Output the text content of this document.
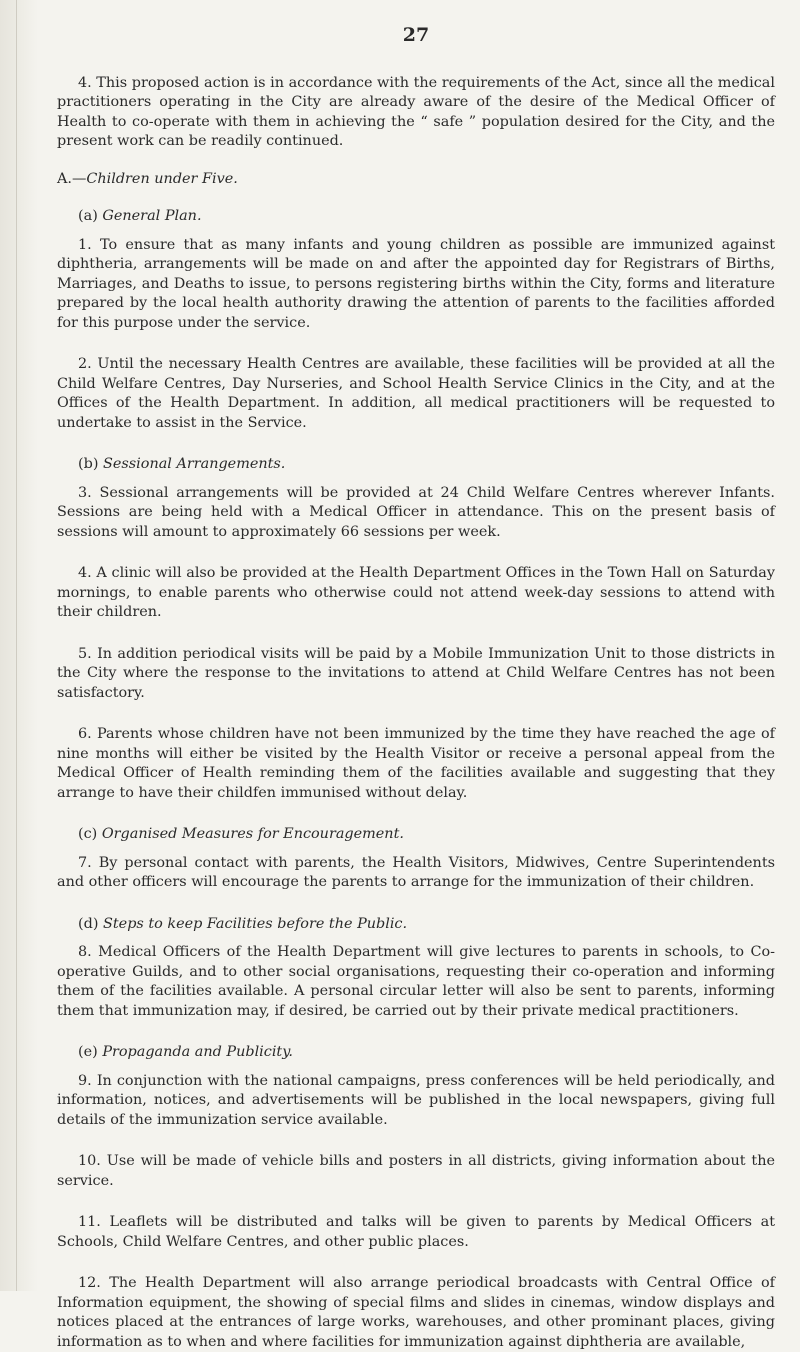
27

4. This proposed action is in accordance with the requirements of the Act, since all the medical practitioners operating in the City are already aware of the desire of the Medical Officer of Health to co-operate with them in achieving the “ safe ” population desired for the City, and the present work can be readily continued.

A.—Children under Five.

(a) General Plan.

1. To ensure that as many infants and young children as possible are immunized against diphtheria, arrangements will be made on and after the appointed day for Registrars of Births, Marriages, and Deaths to issue, to persons registering births within the City, forms and literature prepared by the local health authority drawing the attention of parents to the facilities afforded for this purpose under the service.

2. Until the necessary Health Centres are available, these facilities will be provided at all the Child Welfare Centres, Day Nurseries, and School Health Service Clinics in the City, and at the Offices of the Health Department. In addition, all medical practitioners will be requested to undertake to assist in the Service.

(b) Sessional Arrangements.

3. Sessional arrangements will be provided at 24 Child Welfare Centres wherever Infants. Sessions are being held with a Medical Officer in attendance. This on the present basis of sessions will amount to approximately 66 sessions per week.

4. A clinic will also be provided at the Health Department Offices in the Town Hall on Saturday mornings, to enable parents who otherwise could not attend week-day sessions to attend with their children.

5. In addition periodical visits will be paid by a Mobile Immunization Unit to those districts in the City where the response to the invitations to attend at Child Welfare Centres has not been satisfactory.

6. Parents whose children have not been immunized by the time they have reached the age of nine months will either be visited by the Health Visitor or receive a personal appeal from the Medical Officer of Health reminding them of the facilities available and suggesting that they arrange to have their childfen immunised without delay.

(c) Organised Measures for Encouragement.

7. By personal contact with parents, the Health Visitors, Midwives, Centre Superintendents and other officers will encourage the parents to arrange for the immunization of their children.

(d) Steps to keep Facilities before the Public.

8. Medical Officers of the Health Department will give lectures to parents in schools, to Co-operative Guilds, and to other social organisations, requesting their co-operation and informing them of the facilities available. A personal circular letter will also be sent to parents, informing them that immunization may, if desired, be carried out by their private medical practitioners.

(e) Propaganda and Publicity.

9. In conjunction with the national campaigns, press conferences will be held periodically, and information, notices, and advertisements will be published in the local newspapers, giving full details of the immunization service available.

10. Use will be made of vehicle bills and posters in all districts, giving information about the service.

11. Leaflets will be distributed and talks will be given to parents by Medical Officers at Schools, Child Welfare Centres, and other public places.

12. The Health Department will also arrange periodical broadcasts with Central Office of Information equipment, the showing of special films and slides in cinemas, window displays and notices placed at the entrances of large works, warehouses, and other prominant places, giving information as to when and where facilities for immunization against diphtheria are available,
